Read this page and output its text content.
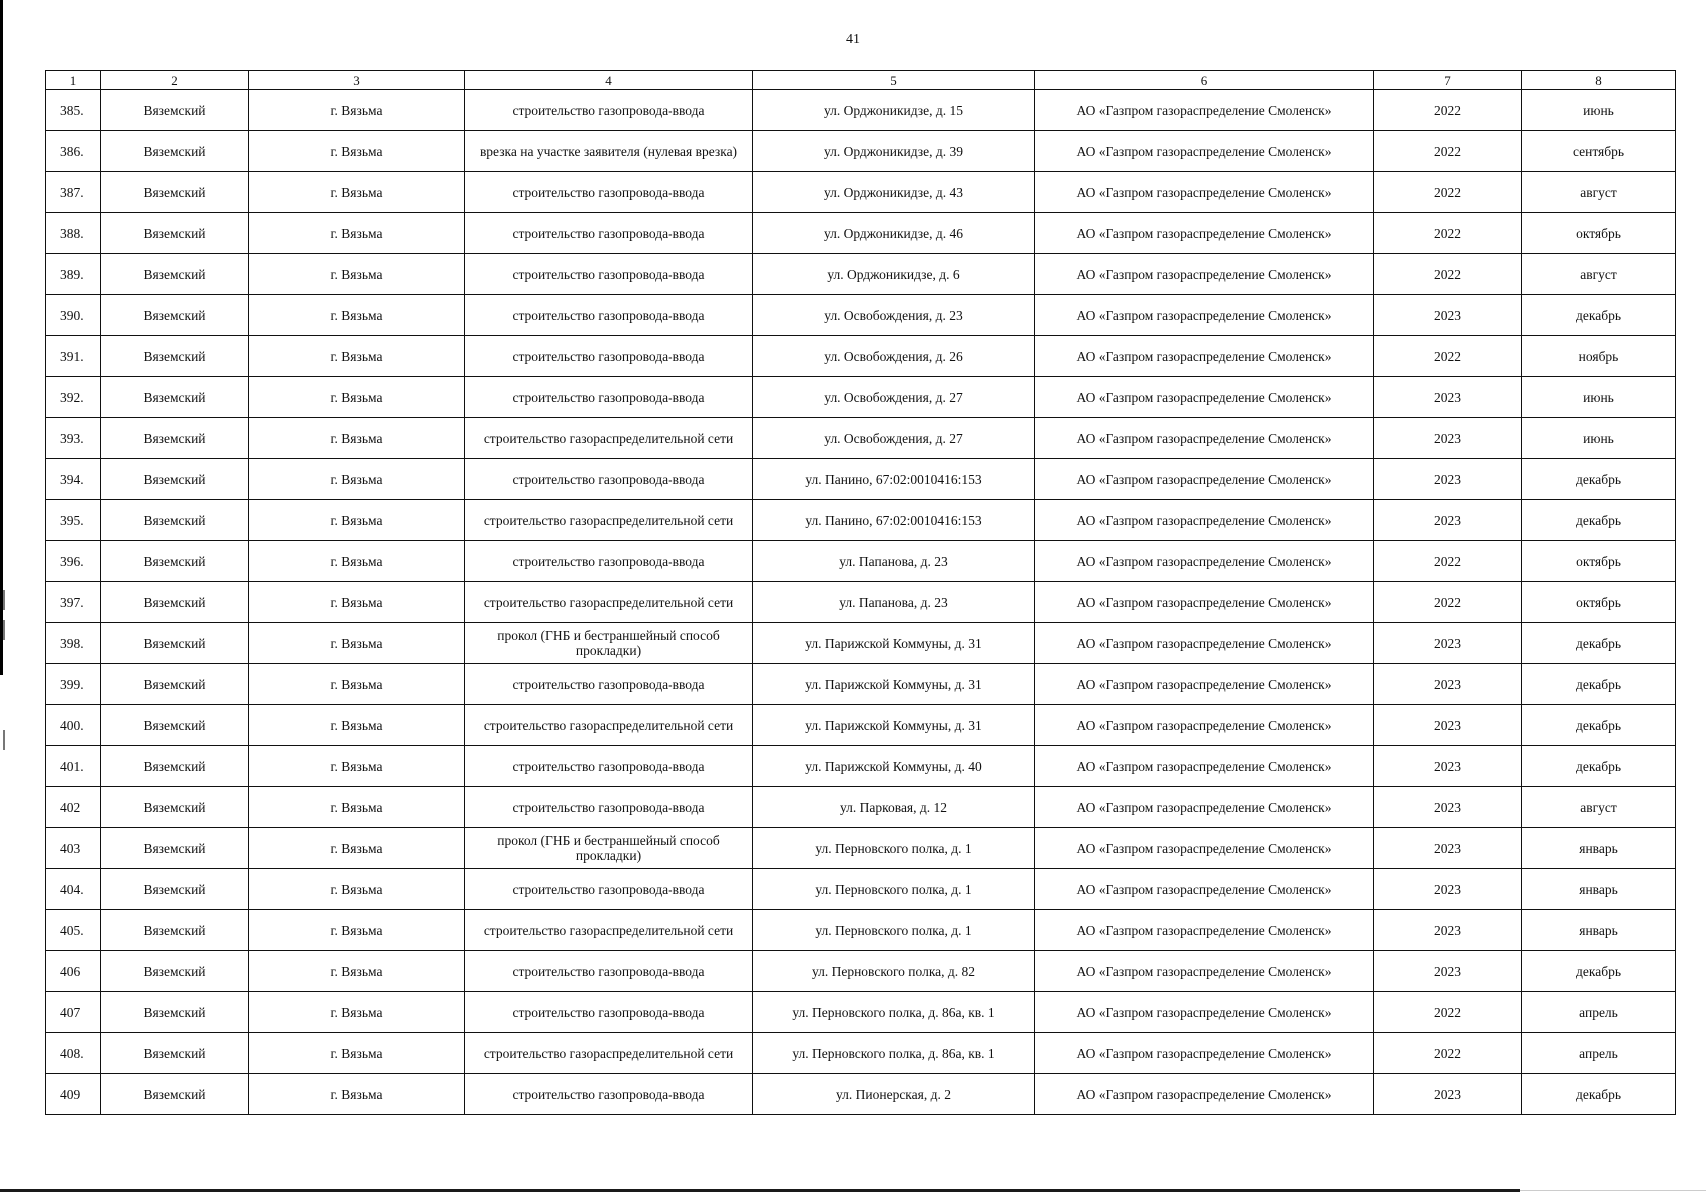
41
1	2	3	4	5	6	7	8
385.	Вяземский	г. Вязьма	строительство газопровода-ввода	ул. Орджоникидзе, д. 15	АО «Газпром газораспределение Смоленск»	2022	июнь
386.	Вяземский	г. Вязьма	врезка на участке заявителя (нулевая врезка)	ул. Орджоникидзе, д. 39	АО «Газпром газораспределение Смоленск»	2022	сентябрь
387.	Вяземский	г. Вязьма	строительство газопровода-ввода	ул. Орджоникидзе, д. 43	АО «Газпром газораспределение Смоленск»	2022	август
388.	Вяземский	г. Вязьма	строительство газопровода-ввода	ул. Орджоникидзе, д. 46	АО «Газпром газораспределение Смоленск»	2022	октябрь
389.	Вяземский	г. Вязьма	строительство газопровода-ввода	ул. Орджоникидзе, д. 6	АО «Газпром газораспределение Смоленск»	2022	август
390.	Вяземский	г. Вязьма	строительство газопровода-ввода	ул. Освобождения, д. 23	АО «Газпром газораспределение Смоленск»	2023	декабрь
391.	Вяземский	г. Вязьма	строительство газопровода-ввода	ул. Освобождения, д. 26	АО «Газпром газораспределение Смоленск»	2022	ноябрь
392.	Вяземский	г. Вязьма	строительство газопровода-ввода	ул. Освобождения, д. 27	АО «Газпром газораспределение Смоленск»	2023	июнь
393.	Вяземский	г. Вязьма	строительство газораспределительной сети	ул. Освобождения, д. 27	АО «Газпром газораспределение Смоленск»	2023	июнь
394.	Вяземский	г. Вязьма	строительство газопровода-ввода	ул. Панино, 67:02:0010416:153	АО «Газпром газораспределение Смоленск»	2023	декабрь
395.	Вяземский	г. Вязьма	строительство газораспределительной сети	ул. Панино, 67:02:0010416:153	АО «Газпром газораспределение Смоленск»	2023	декабрь
396.	Вяземский	г. Вязьма	строительство газопровода-ввода	ул. Папанова, д. 23	АО «Газпром газораспределение Смоленск»	2022	октябрь
397.	Вяземский	г. Вязьма	строительство газораспределительной сети	ул. Папанова, д. 23	АО «Газпром газораспределение Смоленск»	2022	октябрь
398.	Вяземский	г. Вязьма	прокол (ГНБ и бестраншейный способ прокладки)	ул. Парижской Коммуны, д. 31	АО «Газпром газораспределение Смоленск»	2023	декабрь
399.	Вяземский	г. Вязьма	строительство газопровода-ввода	ул. Парижской Коммуны, д. 31	АО «Газпром газораспределение Смоленск»	2023	декабрь
400.	Вяземский	г. Вязьма	строительство газораспределительной сети	ул. Парижской Коммуны, д. 31	АО «Газпром газораспределение Смоленск»	2023	декабрь
401.	Вяземский	г. Вязьма	строительство газопровода-ввода	ул. Парижской Коммуны, д. 40	АО «Газпром газораспределение Смоленск»	2023	декабрь
402	Вяземский	г. Вязьма	строительство газопровода-ввода	ул. Парковая, д. 12	АО «Газпром газораспределение Смоленск»	2023	август
403	Вяземский	г. Вязьма	прокол (ГНБ и бестраншейный способ прокладки)	ул. Перновского полка, д. 1	АО «Газпром газораспределение Смоленск»	2023	январь
404.	Вяземский	г. Вязьма	строительство газопровода-ввода	ул. Перновского полка, д. 1	АО «Газпром газораспределение Смоленск»	2023	январь
405.	Вяземский	г. Вязьма	строительство газораспределительной сети	ул. Перновского полка, д. 1	АО «Газпром газораспределение Смоленск»	2023	январь
406	Вяземский	г. Вязьма	строительство газопровода-ввода	ул. Перновского полка, д. 82	АО «Газпром газораспределение Смоленск»	2023	декабрь
407	Вяземский	г. Вязьма	строительство газопровода-ввода	ул. Перновского полка, д. 86а, кв. 1	АО «Газпром газораспределение Смоленск»	2022	апрель
408.	Вяземский	г. Вязьма	строительство газораспределительной сети	ул. Перновского полка, д. 86а, кв. 1	АО «Газпром газораспределение Смоленск»	2022	апрель
409	Вяземский	г. Вязьма	строительство газопровода-ввода	ул. Пионерская, д. 2	АО «Газпром газораспределение Смоленск»	2023	декабрь
